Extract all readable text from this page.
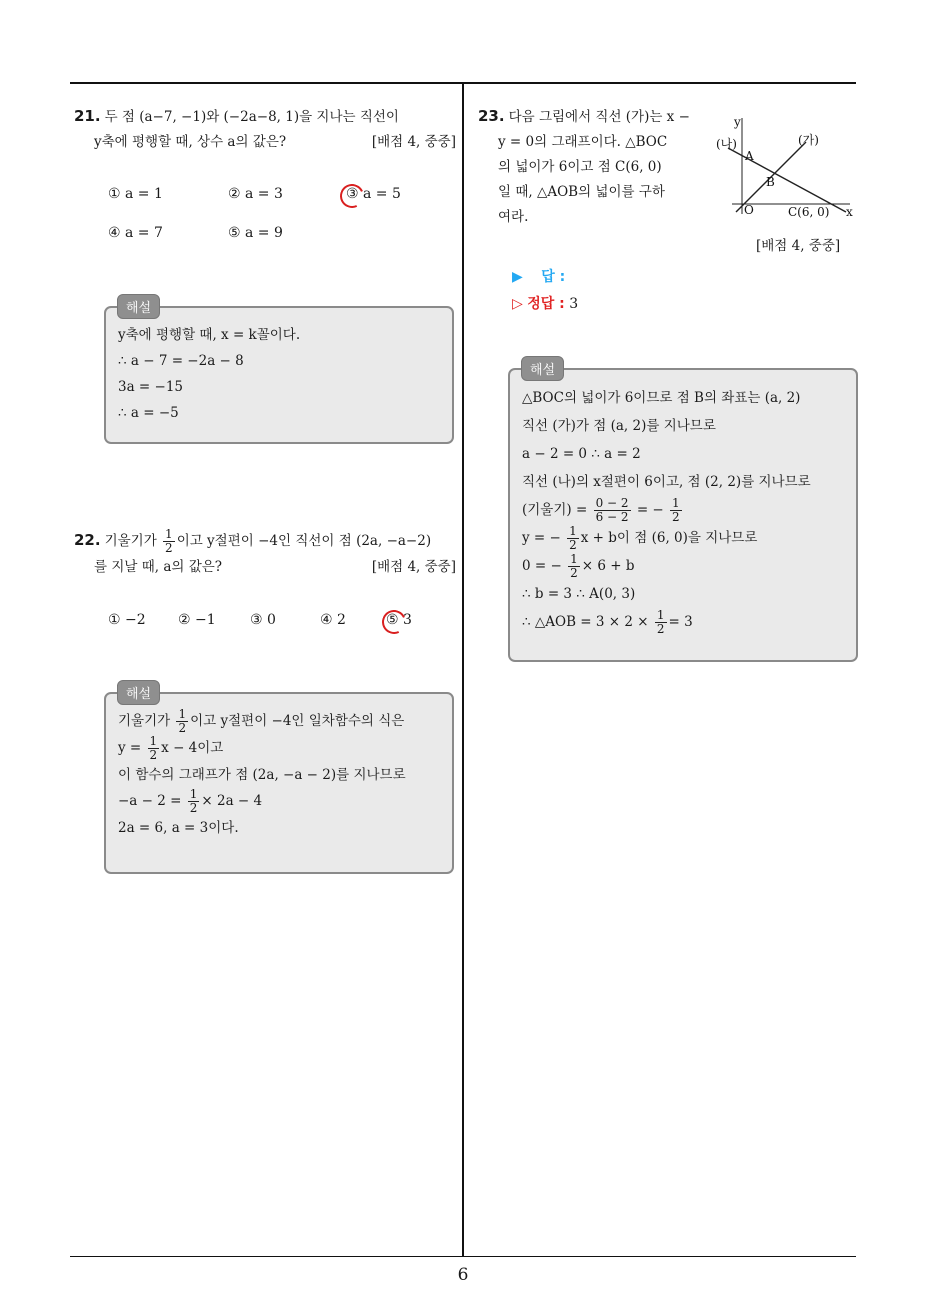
6
21. 두 점 (a−7, −1)와 (−2a−8, 1)을 지나는 직선이
y축에 평행할 때, 상수 a의 값은?	[배점 4, 중중]
① a = 1	② a = 3	③ a = 5
④ a = 7	⑤ a = 9
y축에 평행할 때, x = k꼴이다.
∴ a − 7 = −2a − 8
3a = −15
∴ a = −5
해설
22. 기울기가 $\frac{1}{2}$ 이고 y절편이 −4인 직선이 점 (2a, −a−2)
를 지날 때, a의 값은?	[배점 4, 중중]
① −2 ② −1 ③ 0	④ 2	⑤ 3
기울기가 $\frac{1}{2}$ 이고 y절편이 −4인 일차함수의 식은
$y = \frac{1}{2}$ x − 4이고
이 함수의 그래프가 점 (2a, −a − 2)를 지나므로
$-a - 2 = \frac{1}{2} \times 2a - 4$
2a = 6, a = 3이다.
해설
23. 다음 그림에서 직선 (가)는 x −
y = 0의 그래프이다. △BOC
의 넓이가 6이고 점 C(6, 0)
일 때, △AOB의 넓이를 구하
여라.
y
x
O
A
B
C(6, 0)
(가)
(나)
[배점 4, 중중]
▶ 답 :
▷ 정답 : 3
△BOC의 넓이가 6이므로 점 B의 좌표는 (a, 2)
직선 (가)가 점 (a, 2)를 지나므로
a − 2 = 0 ∴ a = 2
직선 (나)의 x절편이 6이고, 점 (2, 2)를 지나므로
(기울기) = $\frac{0 - 2}{6 - 2}$ = − $\frac{1}{2}$
y = − $\frac{1}{2}$ x + b이 점 (6, 0)을 지나므로
0 = − $\frac{1}{2} \times 6 + b$
∴ b = 3 ∴ A(0, 3)
∴ △AOB = $3 \times 2 \times \frac{1}{2} = 3$
해설
